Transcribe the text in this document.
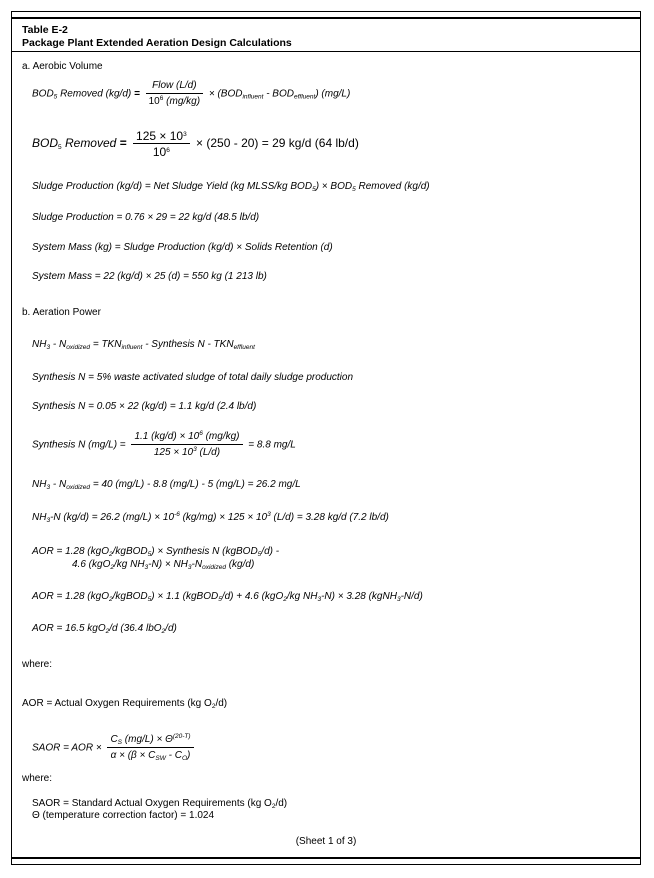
Table E-2
Package Plant Extended Aeration Design Calculations
a. Aerobic Volume
$BOD_5$ Removed $(kg/d) = \frac{\text{Flow (L/d)}}{10^6 (mg/kg)} \times (BOD_{influent} - BOD_{effluent})$ (mg/L)
$BOD_5$ Removed = $\frac{125 \times 10^3}{10^6} \times (250 - 20) = 29$ kg/d (64 lb/d)
Sludge Production (kg/d) = Net Sludge Yield (kg MLSS/kg $BOD_5) \times BOD_5$ Removed (kg/d)
Sludge Production = 0.76 × 29 = 22 kg/d (48.5 lb/d)
System Mass (kg) = Sludge Production (kg/d) × Solids Retention (d)
System Mass = 22 (kg/d) × 25 (d) = 550 kg (1 213 lb)
b. Aeration Power
$NH_3 - N_{oxidized} = TKN_{influent}$ - Synthesis N - $TKN_{effluent}$
Synthesis N = 5% waste activated sludge of total daily sludge production
Synthesis N = 0.05 × 22 (kg/d) = 1.1 kg/d (2.4 lb/d)
Synthesis N $(mg/L) = \frac{1.1 (kg/d) \times 10^6 (mg/kg)}{125 \times 10^3 (L/d)} = 8.8$ mg/L
$NH_3 - N_{oxidized} = 40$ (mg/L) - 8.8 (mg/L) - 5 (mg/L) = 26.2 mg/L
$NH_3-N$ (kg/d) = 26.2 $(mg/L) \times 10^{-6}$ $(kg/mg) \times 125 \times 10^3$ (L/d) = 3.28 kg/d (7.2 lb/d)
AOR = 1.28 (kgO$_2$/kgBOD$_5$) × Synthesis N (kgBOD$_5$/d) -
4.6 (kgO$_2$/kg $NH_3-N) \times NH_3-N_{oxidized}$ (kg/d)
AOR = 1.28 (kgO$_2$/kgBOD$_5$) × 1.1 (kgBOD$_5$/d) + 4.6 (kgO$_2$/kg $NH_3-N) \times 3.28$ (kgNH$_3$-N/d)
AOR = 16.5 kgO$_2$/d (36.4 lbO$_2$/d)
where:
AOR = Actual Oxygen Requirements (kg $O_2/d$)
SAOR = AOR × $\frac{C_S (mg/L) \times \Theta^{(20-T)}}{\alpha \times (\beta \times C_{SW} - C_O)}$
where:
SAOR = Standard Actual Oxygen Requirements (kg $O_2/d$)
Θ (temperature correction factor) = 1.024
(Sheet 1 of 3)
